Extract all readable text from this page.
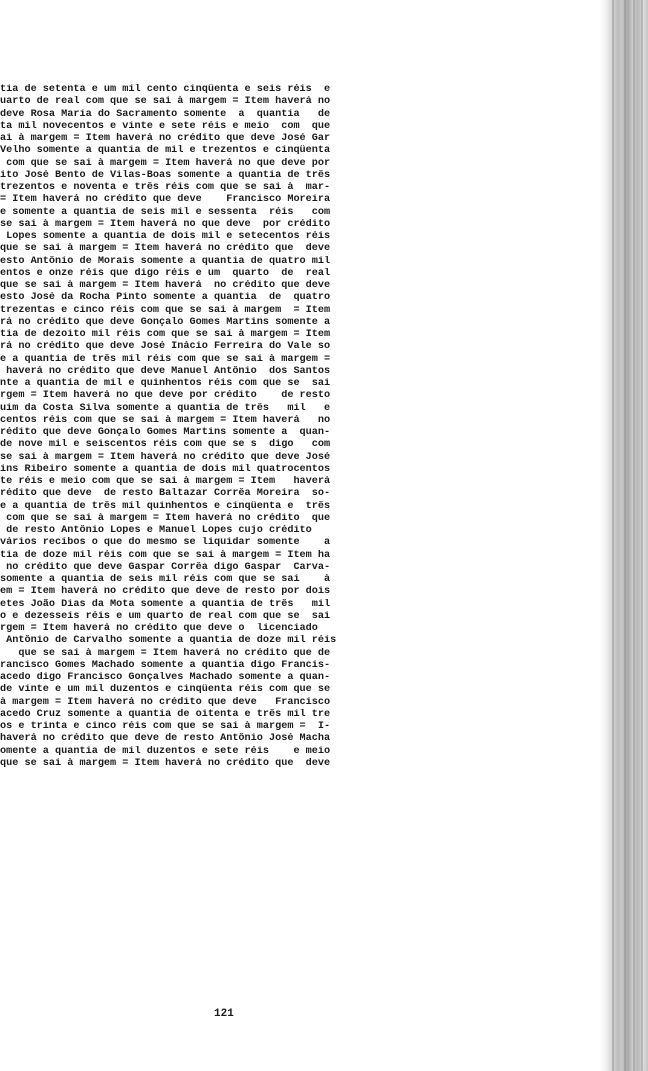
tia de setenta e um mil cento cinqüenta e seis réis  e
uarto de real com que se sai à margem = Item haverá no
deve Rosa Maria do Sacramento somente  a  quantia   de
ta mil novecentos e vinte e sete réis e meio  com  que
ai à margem = Item haverá no crédito que deve José Gar
Velho somente a quantia de mil e trezentos e cinqüenta
com que se sai à margem = Item haverá no que deve por
ito José Bento de Vilas-Boas somente a quantia de três
trezentos e noventa e três réis com que se sai à  mar-
= Item haverá no crédito que deve    Francisco Moreira
e somente a quantia de seis mil e sessenta  réis   com
se sai à margem = Item haverá no que deve  por crédito
Lopes somente a quantia de dois mil e setecentos réis
que se sai à margem = Item haverá no crédito que  deve
esto Antônio de Morais somente a quantia de quatro mil
entos e onze réis que digo réis e um  quarto  de  real
que se sai à margem = Item haverá  no crédito que deve
esto José da Rocha Pinto somente a quantia  de  quatro
trezentas e cinco réis com que se sai à margem  = Item
rá no crédito que deve Gonçalo Gomes Martins somente a
tia de dezoito mil réis com que se sai à margem = Item
rá no crédito que deve José Inácio Ferreira do Vale so
e a quantia de três mil réis com que se sai à margem =
haverá no crédito que deve Manuel Antônio  dos Santos
nte a quantia de mil e quinhentos réis com que se  sai
rgem = Item haverá no que deve por crédito    de resto
uim da Costa Silva somente a quantia de três   mil   e
centos réis com que se sai à margem = Item haverá   no
rédito que deve Gonçalo Gomes Martins somente a  quan-
de nove mil e seiscentos réis com que se s  digo   com
se sai à margem = Item haverá no crédito que deve José
ins Ribeiro somente a quantia de dois mil quatrocentos
te réis e meio com que se sai à margem = Item   haverá
rédito que deve  de resto Baltazar Corrêa Moreira  so-
e a quantia de três mil quinhentos e cinqüenta e  três
com que se sai à margem = Item haverá no crédito  que
de resto Antônio Lopes e Manuel Lopes cujo crédito
vários recibos o que do mesmo se liquidar somente    a
tia de doze mil réis com que se sai à margem = Item ha
no crédito que deve Gaspar Corrêa digo Gaspar  Carva-
somente a quantia de seis mil réis com que se sai    à
em = Item haverá no crédito que deve de resto por dois
etes João Dias da Mota somente a quantia de três   mil
o e dezesseis réis e um quarto de real com que se  sai
rgem = Item haverá no crédito que deve o  licenciado
Antônio de Carvalho somente a quantia de doze mil réis
que se sai à margem = Item haverá no crédito que de
rancisco Gomes Machado somente a quantia digo Francis-
acedo digo Francisco Gonçalves Machado somente a quan-
de vinte e um mil duzentos e cinqüenta réis com que se
à margem = Item haverá no crédito que deve   Francisco
acedo Cruz somente a quantia de oitenta e três mil tre
os e trinta e cinco réis com que se sai à margem =  I-
haverá no crédito que deve de resto Antônio José Macha
omente a quantia de mil duzentos e sete réis    e meio
que se sai à margem = Item haverá no crédito que  deve
121
